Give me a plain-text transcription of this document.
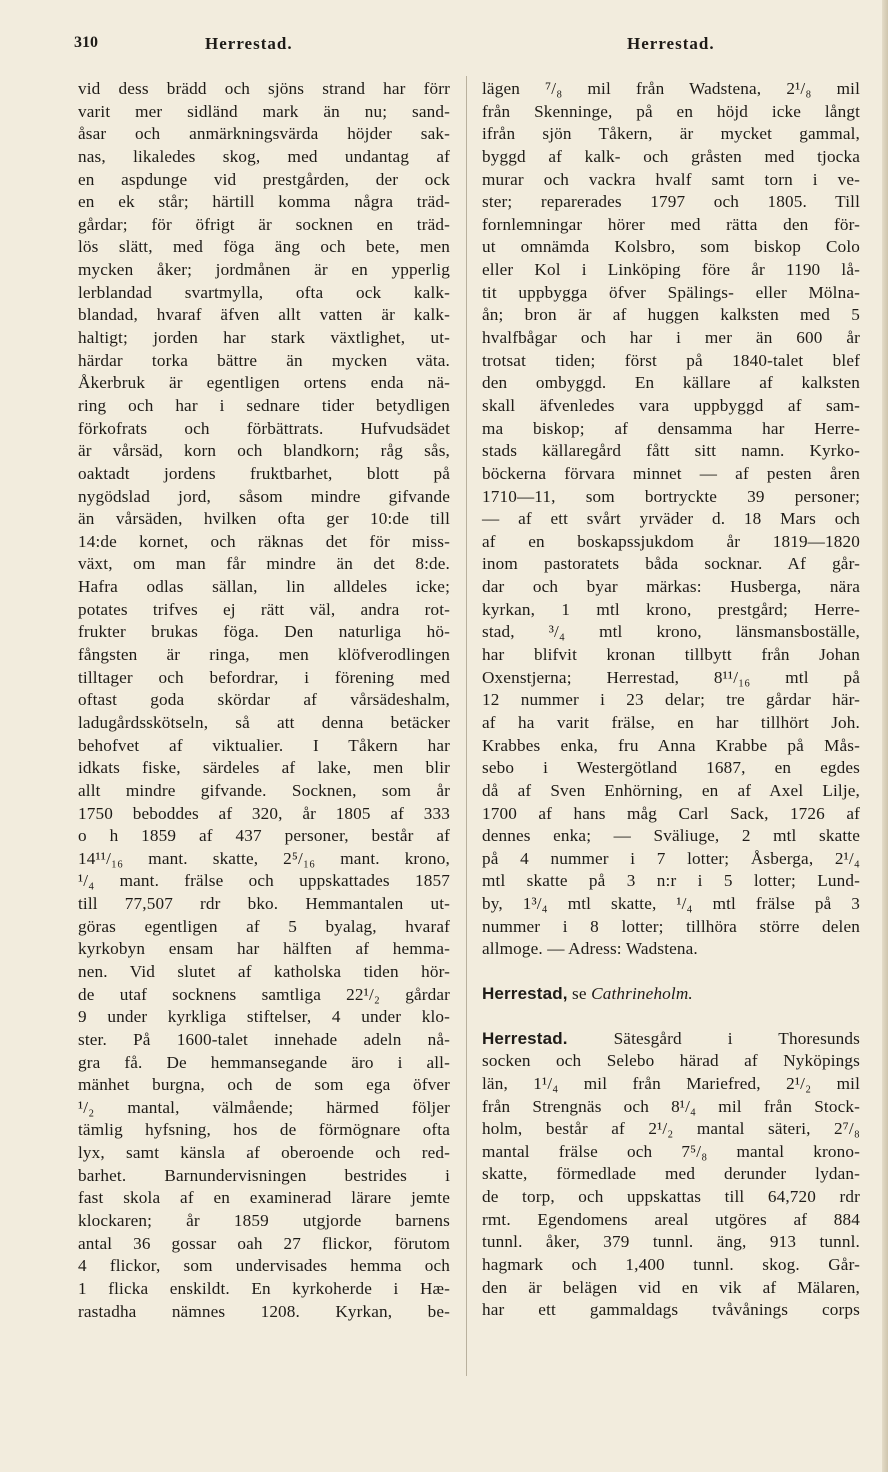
310	Herrestad.	Herrestad.
vid dess brädd och sjöns strand har förr
varit mer sidländ mark än nu; sand-
åsar och anmärkningsvärda höjder sak-
nas, likaledes skog, med undantag af
en aspdunge vid prestgården, der ock
en ek står; härtill komma några träd-
gårdar; för öfrigt är socknen en träd-
lös slätt, med föga äng och bete, men
mycken åker; jordmånen är en ypperlig
lerblandad svartmylla, ofta ock kalk-
blandad, hvaraf äfven allt vatten är kalk-
haltigt; jorden har stark växtlighet, ut-
härdar torka bättre än mycken väta.
Åkerbruk är egentligen ortens enda nä-
ring och har i sednare tider betydligen
förkofrats och förbättrats. Hufvudsädet
är vårsäd, korn och blandkorn; råg sås,
oaktadt jordens fruktbarhet, blott på
nygödslad jord, såsom mindre gifvande
än vårsäden, hvilken ofta ger 10:de till
14:de kornet, och räknas det för miss-
växt, om man får mindre än det 8:de.
Hafra odlas sällan, lin alldeles icke;
potates trifves ej rätt väl, andra rot-
frukter brukas föga. Den naturliga hö-
fångsten är ringa, men klöfverodlingen
tilltager och befordrar, i förening med
oftast goda skördar af vårsädeshalm,
ladugårdsskötseln, så att denna betäcker
behofvet af viktualier. I Tåkern har
idkats fiske, särdeles af lake, men blir
allt mindre gifvande. Socknen, som år
1750 beboddes af 320, år 1805 af 333
o h 1859 af 437 personer, består af
14¹¹/₁₆ mant. skatte, 2⁵/₁₆ mant. krono,
¹/₄ mant. frälse och uppskattades 1857
till 77,507 rdr bko. Hemmantalen ut-
göras egentligen af 5 byalag, hvaraf
kyrkobyn ensam har hälften af hemma-
nen. Vid slutet af katholska tiden hör-
de utaf socknens samtliga 22¹/₂ gårdar
9 under kyrkliga stiftelser, 4 under klo-
ster. På 1600-talet innehade adeln nå-
gra få. De hemmansegande äro i all-
mänhet burgna, och de som ega öfver
¹/₂ mantal, välmående; härmed följer
tämlig hyfsning, hos de förmögnare ofta
lyx, samt känsla af oberoende och red-
barhet. Barnundervisningen bestrides i
fast skola af en examinerad lärare jemte
klockaren; år 1859 utgjorde barnens
antal 36 gossar oah 27 flickor, förutom
4 flickor, som undervisades hemma och
1 flicka enskildt. En kyrkoherde i Hæ-
rastadha nämnes 1208. Kyrkan, be-
lägen ⁷/₈ mil från Wadstena, 2¹/₈ mil
från Skenninge, på en höjd icke långt
ifrån sjön Tåkern, är mycket gammal,
byggd af kalk- och gråsten med tjocka
murar och vackra hvalf samt torn i ve-
ster; reparerades 1797 och 1805. Till
fornlemningar hörer med rätta den för-
ut omnämda Kolsbro, som biskop Colo
eller Kol i Linköping före år 1190 lå-
tit uppbygga öfver Spälings- eller Mölna-
ån; bron är af huggen kalksten med 5
hvalfbågar och har i mer än 600 år
trotsat tiden; först på 1840-talet blef
den ombyggd. En källare af kalksten
skall äfvenledes vara uppbyggd af sam-
ma biskop; af densamma har Herre-
stads källaregård fått sitt namn. Kyrko-
böckerna förvara minnet — af pesten åren
1710—11, som bortryckte 39 personer;
— af ett svårt yrväder d. 18 Mars och
af en boskapssjukdom år 1819—1820
inom pastoratets båda socknar. Af går-
dar och byar märkas: Husberga, nära
kyrkan, 1 mtl krono, prestgård; Herre-
stad, ³/₄ mtl krono, länsmansboställe,
har blifvit kronan tillbytt från Johan
Oxenstjerna; Herrestad, 8¹¹/₁₆ mtl på
12 nummer i 23 delar; tre gårdar här-
af ha varit frälse, en har tillhört Joh.
Krabbes enka, fru Anna Krabbe på Mås-
sebo i Westergötland 1687, en egdes
då af Sven Enhörning, en af Axel Lilje,
1700 af hans måg Carl Sack, 1726 af
dennes enka; — Sväliuge, 2 mtl skatte
på 4 nummer i 7 lotter; Åsberga, 2¹/₄
mtl skatte på 3 n:r i 5 lotter; Lund-
by, 1³/₄ mtl skatte, ¹/₄ mtl frälse på 3
nummer i 8 lotter; tillhöra större delen
allmoge. — Adress: Wadstena.
Herrestad, se Cathrineholm.
Herrestad. Sätesgård i Thoresunds
socken och Selebo härad af Nyköpings
län, 1¹/₄ mil från Mariefred, 2¹/₂ mil
från Strengnäs och 8¹/₄ mil från Stock-
holm, består af 2¹/₂ mantal säteri, 2⁷/₈
mantal frälse och 7⁵/₈ mantal krono-
skatte, förmedlade med derunder lydan-
de torp, och uppskattas till 64,720 rdr
rmt. Egendomens areal utgöres af 884
tunnl. åker, 379 tunnl. äng, 913 tunnl.
hagmark och 1,400 tunnl. skog. Går-
den är belägen vid en vik af Mälaren,
har ett gammaldags tvåvånings corps
